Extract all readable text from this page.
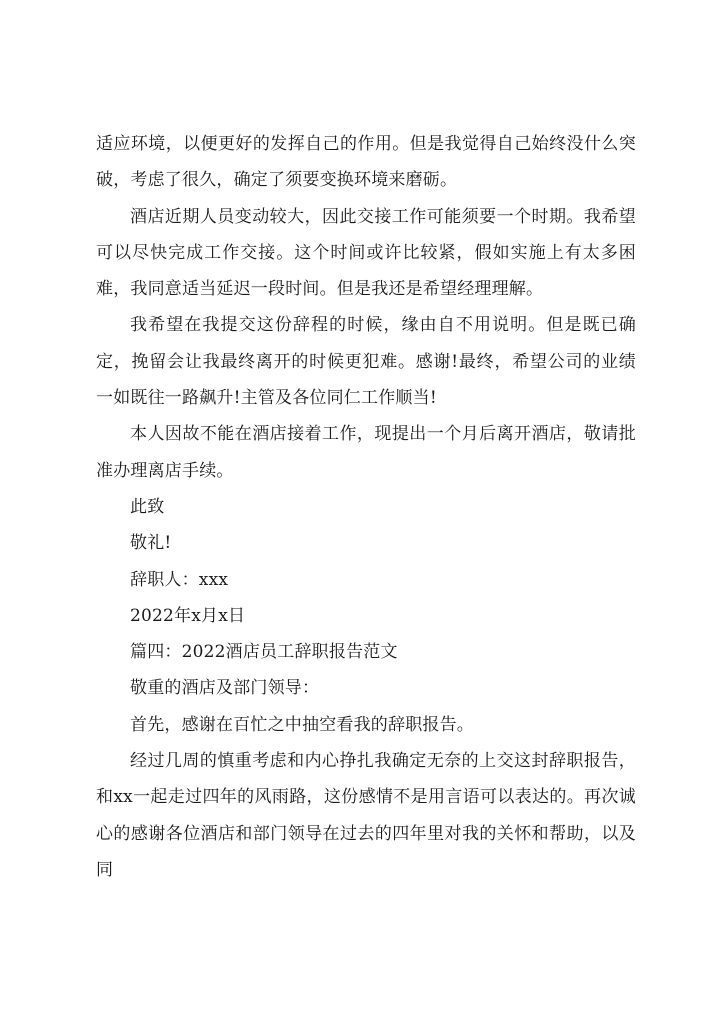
适应环境，以便更好的发挥自己的作用。但是我觉得自己始终没什么突破，考虑了很久，确定了须要变换环境来磨砺。

酒店近期人员变动较大，因此交接工作可能须要一个时期。我希望可以尽快完成工作交接。这个时间或许比较紧，假如实施上有太多困难，我同意适当延迟一段时间。但是我还是希望经理理解。

我希望在我提交这份辞程的时候，缘由自不用说明。但是既已确定，挽留会让我最终离开的时候更犯难。感谢!最终，希望公司的业绩一如既往一路飙升!主管及各位同仁工作顺当!

本人因故不能在酒店接着工作，现提出一个月后离开酒店，敬请批准办理离店手续。

此致

敬礼!

辞职人：xxx

2022年x月x日

篇四：2022酒店员工辞职报告范文

敬重的酒店及部门领导：

首先，感谢在百忙之中抽空看我的辞职报告。

经过几周的慎重考虑和内心挣扎我确定无奈的上交这封辞职报告，和xx一起走过四年的风雨路，这份感情不是用言语可以表达的。再次诚心的感谢各位酒店和部门领导在过去的四年里对我的关怀和帮助，以及同
